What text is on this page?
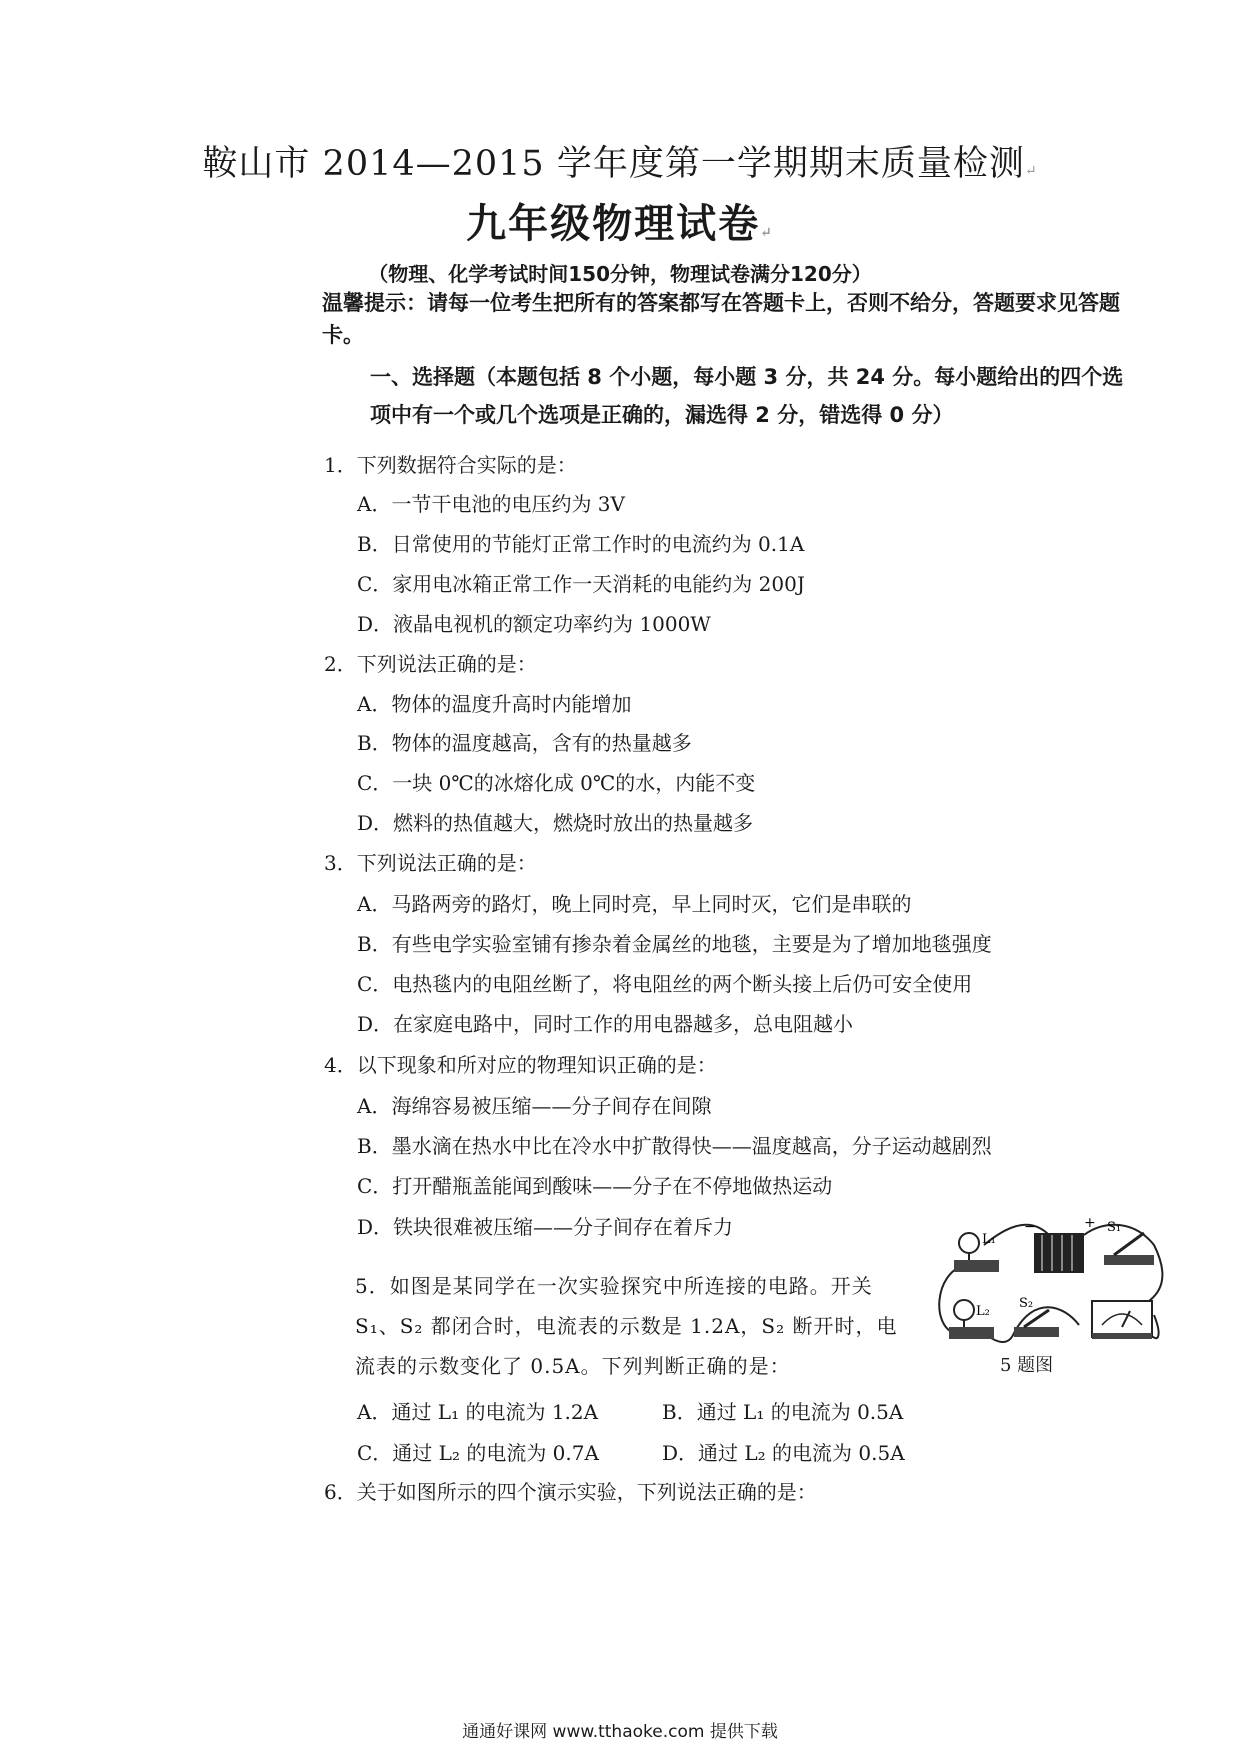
鞍山市 2014—2015 学年度第一学期期末质量检测↵
九年级物理试卷↵
（物理、化学考试时间150分钟，物理试卷满分120分）
温馨提示：请每一位考生把所有的答案都写在答题卡上，否则不给分，答题要求见答题卡。
一、选择题（本题包括 8 个小题，每小题 3 分，共 24 分。每小题给出的四个选项中有一个或几个选项是正确的，漏选得 2 分，错选得 0 分）
1．下列数据符合实际的是：
A．一节干电池的电压约为 3V
B．日常使用的节能灯正常工作时的电流约为 0.1A
C．家用电冰箱正常工作一天消耗的电能约为 200J
D．液晶电视机的额定功率约为 1000W
2．下列说法正确的是：
A．物体的温度升高时内能增加
B．物体的温度越高，含有的热量越多
C．一块 0℃的冰熔化成 0℃的水，内能不变
D．燃料的热值越大，燃烧时放出的热量越多
3．下列说法正确的是：
A．马路两旁的路灯，晚上同时亮，早上同时灭，它们是串联的
B．有些电学实验室铺有掺杂着金属丝的地毯，主要是为了增加地毯强度
C．电热毯内的电阻丝断了，将电阻丝的两个断头接上后仍可安全使用
D．在家庭电路中，同时工作的用电器越多，总电阻越小
4．以下现象和所对应的物理知识正确的是：
A．海绵容易被压缩——分子间存在间隙
B．墨水滴在热水中比在冷水中扩散得快——温度越高，分子运动越剧烈
C．打开醋瓶盖能闻到酸味——分子在不停地做热运动
D．铁块很难被压缩——分子间存在着斥力
5．如图是某同学在一次实验探究中所连接的电路。开关 S₁、S₂ 都闭合时，电流表的示数是 1.2A，S₂ 断开时，电流表的示数变化了 0.5A。下列判断正确的是：
A．通过 L₁ 的电流为 1.2A	B．通过 L₁ 的电流为 0.5A
C．通过 L₂ 的电流为 0.7A	D．通过 L₂ 的电流为 0.5A
L₁
−	+ S₁
L₂
S₂
5 题图
6．关于如图所示的四个演示实验，下列说法正确的是：
通通好课网 www.tthaoke.com 提供下载
